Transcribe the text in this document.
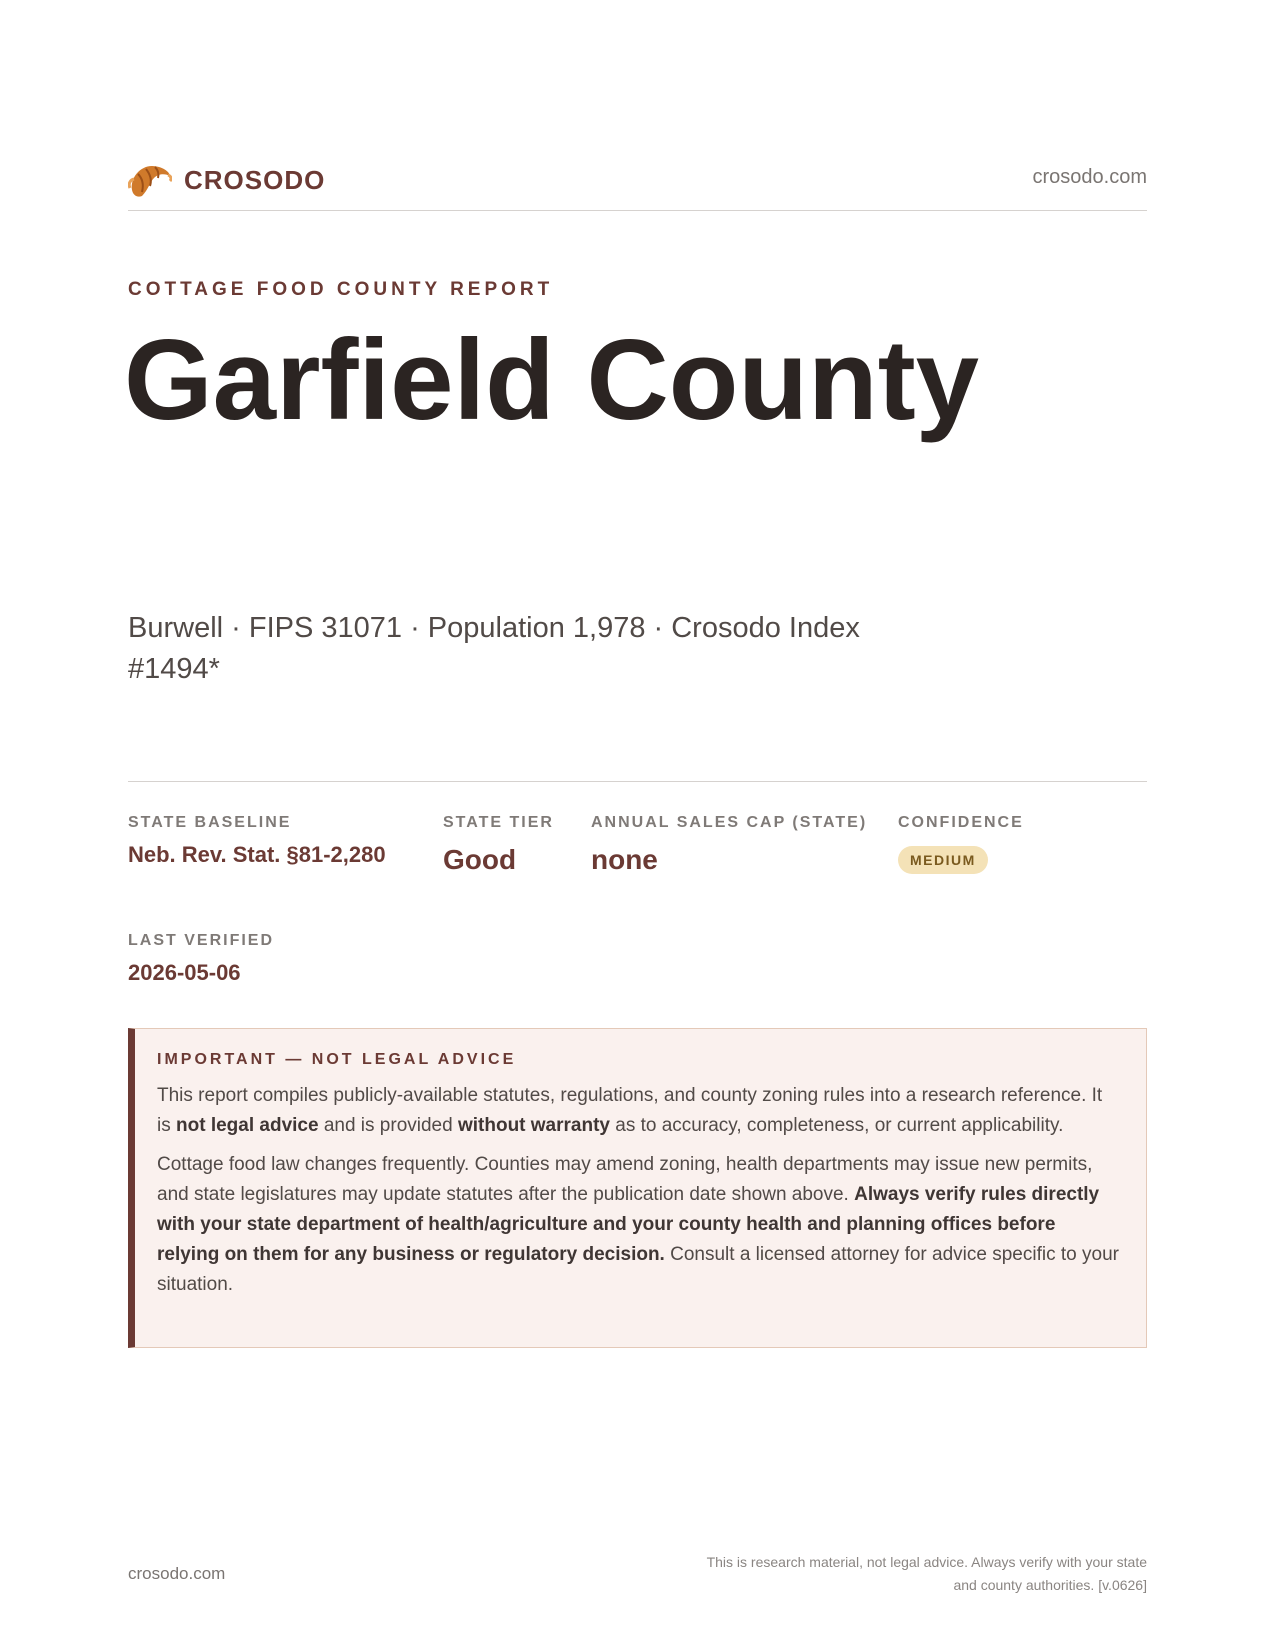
CROSODO	crosodo.com
COTTAGE FOOD COUNTY REPORT
Garfield County
Burwell · FIPS 31071 · Population 1,978 · Crosodo Index #1494*
STATE BASELINE
Neb. Rev. Stat. §81-2,280
STATE TIER
Good
ANNUAL SALES CAP (STATE)
none
CONFIDENCE
MEDIUM
LAST VERIFIED
2026-05-06
IMPORTANT — NOT LEGAL ADVICE

This report compiles publicly-available statutes, regulations, and county zoning rules into a research reference. It is not legal advice and is provided without warranty as to accuracy, completeness, or current applicability.

Cottage food law changes frequently. Counties may amend zoning, health departments may issue new permits, and state legislatures may update statutes after the publication date shown above. Always verify rules directly with your state department of health/agriculture and your county health and planning offices before relying on them for any business or regulatory decision. Consult a licensed attorney for advice specific to your situation.

crosodo.com
This is research material, not legal advice. Always verify with your state
and county authorities. [v.0626]
